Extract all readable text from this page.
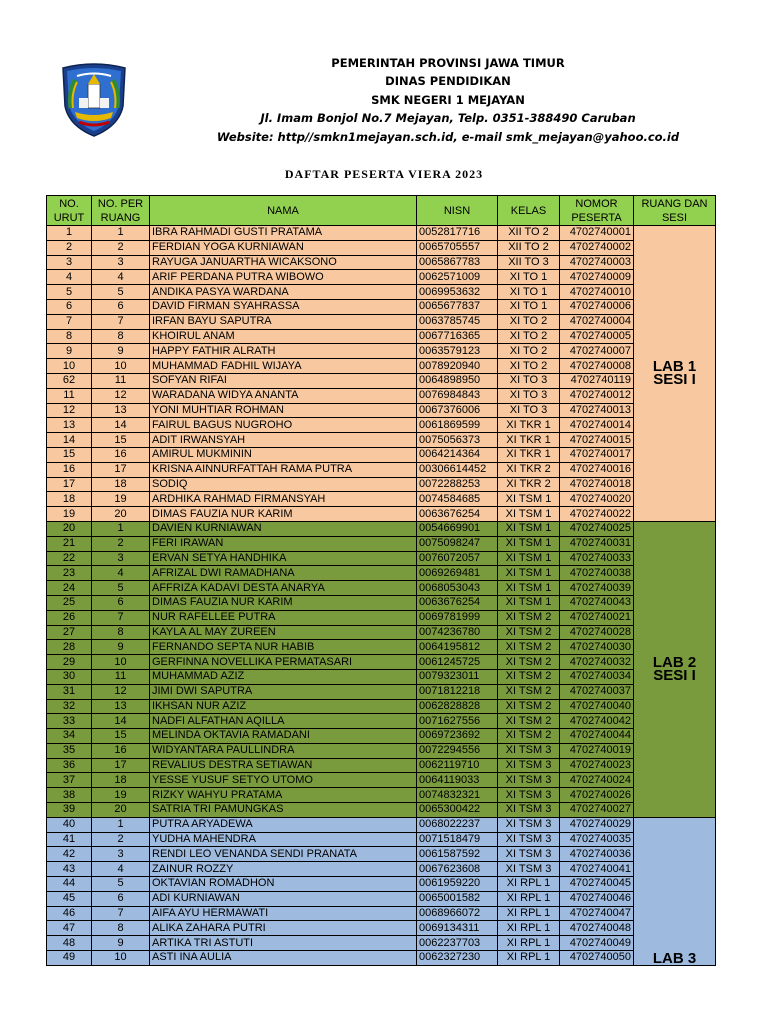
PEMERINTAH PROVINSI JAWA TIMUR
DINAS PENDIDIKAN
SMK NEGERI 1 MEJAYAN
Jl. Imam Bonjol No.7 Mejayan, Telp. 0351-388490 Caruban
Website: http//smkn1mejayan.sch.id, e-mail smk_mejayan@yahoo.co.id
DAFTAR PESERTA VIERA 2023
NO. URUT	NO. PER RUANG	NAMA	NISN	KELAS	NOMOR PESERTA	RUANG DAN SESI
1	1	IBRA RAHMADI GUSTI PRATAMA	0052817716	XII TO 2	4702740001	LAB 1
SESI I

2	2	FERDIAN YOGA KURNIAWAN	0065705557	XII TO 2	4702740002	
3	3	RAYUGA JANUARTHA WICAKSONO	0065867783	XII TO 3	4702740003	
4	4	ARIF PERDANA PUTRA WIBOWO	0062571009	XI TO 1	4702740009	
5	5	ANDIKA PASYA WARDANA	0069953632	XI TO 1	4702740010	
6	6	DAVID FIRMAN SYAHRASSA	0065677837	XI TO 1	4702740006	
7	7	IRFAN BAYU SAPUTRA	0063785745	XI TO 2	4702740004	
8	8	KHOIRUL ANAM	0067716365	XI TO 2	4702740005	
9	9	HAPPY FATHIR ALRATH	0063579123	XI TO 2	4702740007	
10	10	MUHAMMAD FADHIL WIJAYA	0078920940	XI TO 2	4702740008	
62	11	SOFYAN RIFAI	0064898950	XI TO 3	4702740119	
11	12	WARADANA WIDYA ANANTA	0076984843	XI TO 3	4702740012	
12	13	YONI MUHTIAR ROHMAN	0067376006	XI TO 3	4702740013	
13	14	FAIRUL BAGUS NUGROHO	0061869599	XI TKR 1	4702740014	
14	15	ADIT IRWANSYAH	0075056373	XI TKR 1	4702740015	
15	16	AMIRUL MUKMININ	0064214364	XI TKR 1	4702740017	
16	17	KRISNA AINNURFATTAH RAMA PUTRA	00306614452	XI TKR 2	4702740016	
17	18	SODIQ	0072288253	XI TKR 2	4702740018	
18	19	ARDHIKA RAHMAD FIRMANSYAH	0074584685	XI TSM 1	4702740020	
19	20	DIMAS FAUZIA NUR KARIM	0063676254	XI TSM 1	4702740022	
20	1	DAVIEN KURNIAWAN	0054669901	XI TSM 1	4702740025	LAB 2
SESI I

21	2	FERI IRAWAN	0075098247	XI TSM 1	4702740031	
22	3	ERVAN SETYA HANDHIKA	0076072057	XI TSM 1	4702740033	
23	4	AFRIZAL DWI RAMADHANA	0069269481	XI TSM 1	4702740038	
24	5	AFFRIZA KADAVI DESTA ANARYA	0068053043	XI TSM 1	4702740039	
25	6	DIMAS FAUZIA NUR KARIM	0063676254	XI TSM 1	4702740043	
26	7	NUR RAFELLEE PUTRA	0069781999	XI TSM 2	4702740021	
27	8	KAYLA AL MAY ZUREEN	0074236780	XI TSM 2	4702740028	
28	9	FERNANDO SEPTA NUR HABIB	0064195812	XI TSM 2	4702740030	
29	10	GERFINNA NOVELLIKA PERMATASARI	0061245725	XI TSM 2	4702740032	
30	11	MUHAMMAD AZIZ	0079323011	XI TSM 2	4702740034	
31	12	JIMI DWI SAPUTRA	0071812218	XI TSM 2	4702740037	
32	13	IKHSAN NUR AZIZ	0062828828	XI TSM 2	4702740040	
33	14	NADFI ALFATHAN AQILLA	0071627556	XI TSM 2	4702740042	
34	15	MELINDA OKTAVIA RAMADANI	0069723692	XI TSM 2	4702740044	
35	16	WIDYANTARA PAULLINDRA	0072294556	XI TSM 3	4702740019	
36	17	REVALIUS DESTRA SETIAWAN	0062119710	XI TSM 3	4702740023	
37	18	YESSE YUSUF SETYO UTOMO	0064119033	XI TSM 3	4702740024	
38	19	RIZKY WAHYU PRATAMA	0074832321	XI TSM 3	4702740026	
39	20	SATRIA TRI PAMUNGKAS	0065300422	XI TSM 3	4702740027	
40	1	PUTRA ARYADEWA	0068022237	XI TSM 3	4702740029	LAB 3

41	2	YUDHA MAHENDRA	0071518479	XI TSM 3	4702740035	
42	3	RENDI LEO VENANDA SENDI PRANATA	0061587592	XI TSM 3	4702740036	
43	4	ZAINUR ROZZY	0067623608	XI TSM 3	4702740041	
44	5	OKTAVIAN ROMADHON	0061959220	XI RPL 1	4702740045	
45	6	ADI KURNIAWAN	0065001582	XI RPL 1	4702740046	
46	7	AIFA AYU HERMAWATI	0068966072	XI RPL 1	4702740047	
47	8	ALIKA ZAHARA PUTRI	0069134311	XI RPL 1	4702740048	
48	9	ARTIKA TRI ASTUTI	0062237703	XI RPL 1	4702740049	
49	10	ASTI INA AULIA	0062327230	XI RPL 1	4702740050	
